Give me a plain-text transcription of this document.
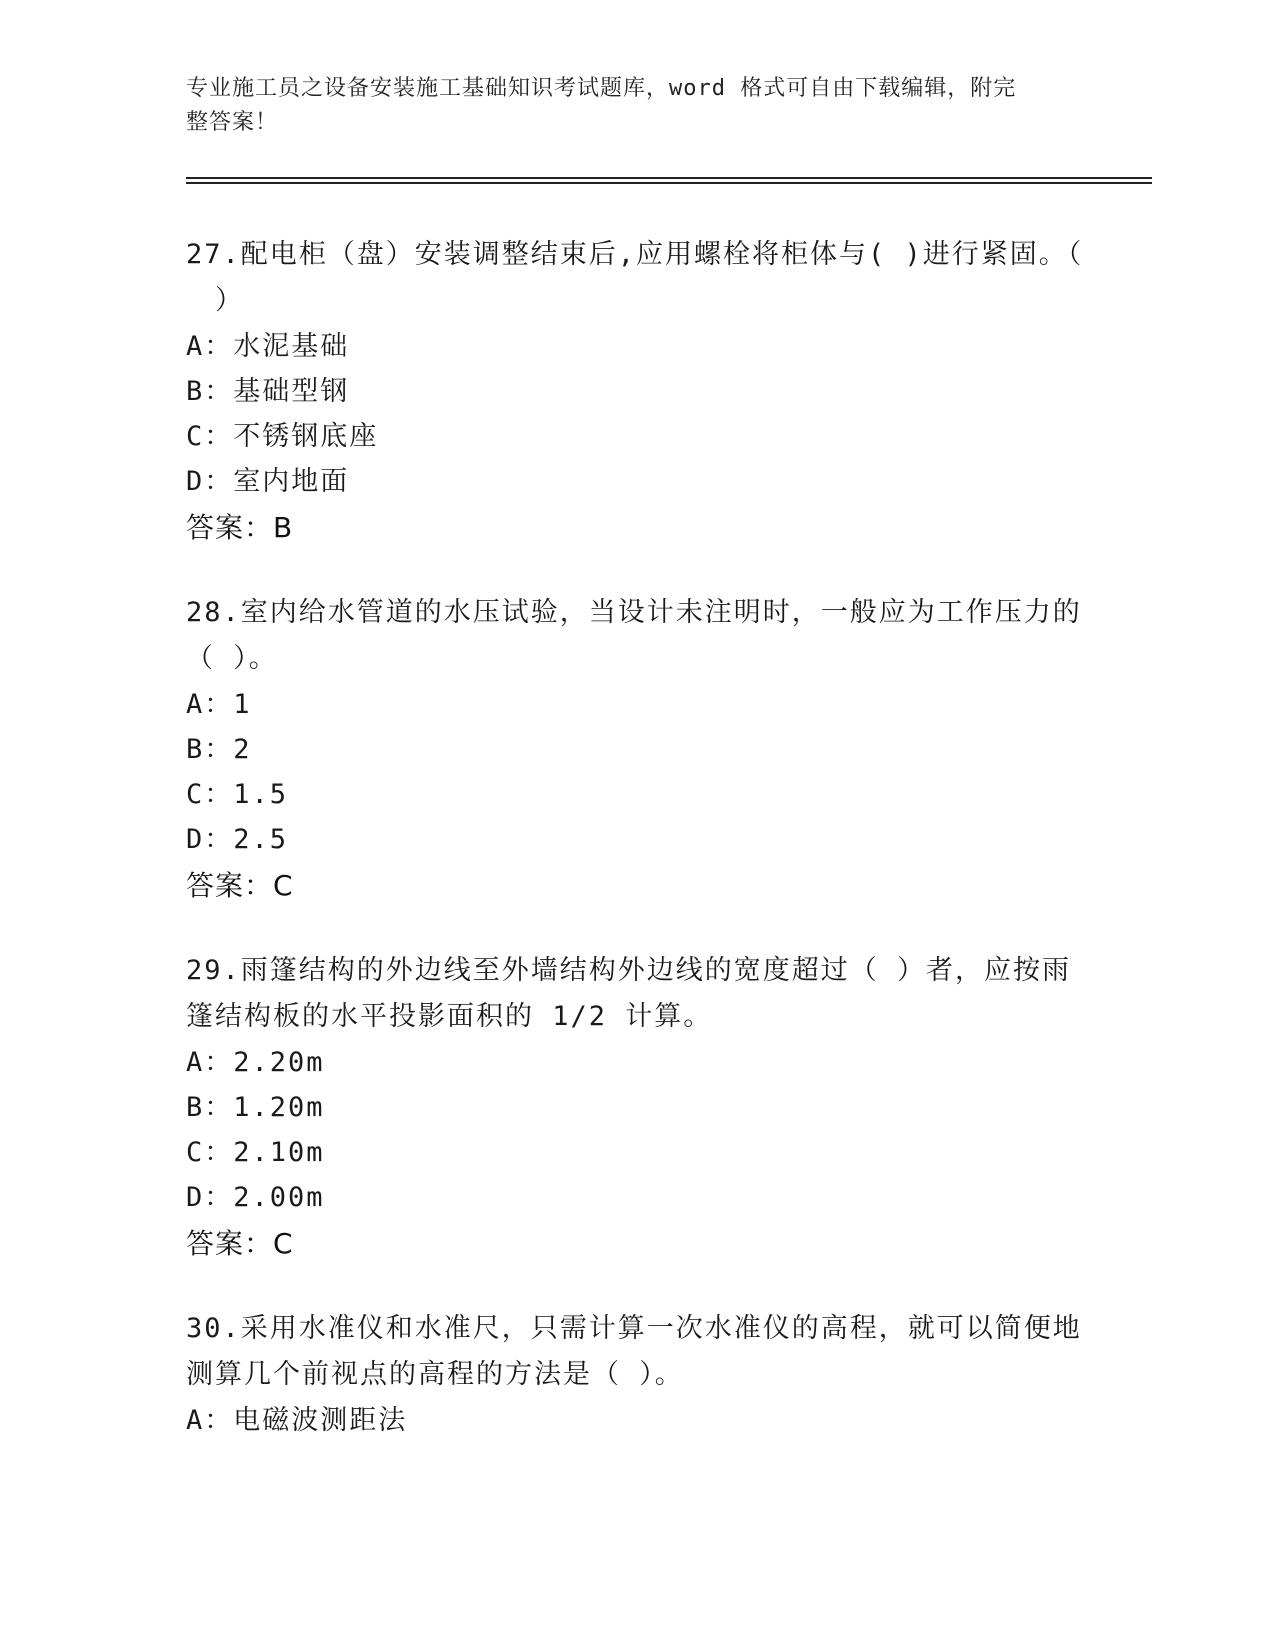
专业施工员之设备安装施工基础知识考试题库，word 格式可自由下载编辑，附完
整答案！
27.配电柜（盘）安装调整结束后,应用螺栓将柜体与( )进行紧固。（
　）
A：水泥基础
B：基础型钢
C：不锈钢底座
D：室内地面
答案：B
28.室内给水管道的水压试验，当设计未注明时，一般应为工作压力的
（ ）。
A：1
B：2
C：1.5
D：2.5
答案：C
29.雨篷结构的外边线至外墙结构外边线的宽度超过（ ）者，应按雨
篷结构板的水平投影面积的 1/2 计算。
A：2.20m
B：1.20m
C：2.10m
D：2.00m
答案：C
30.采用水准仪和水准尺，只需计算一次水准仪的高程，就可以简便地
测算几个前视点的高程的方法是（ ）。
A：电磁波测距法
